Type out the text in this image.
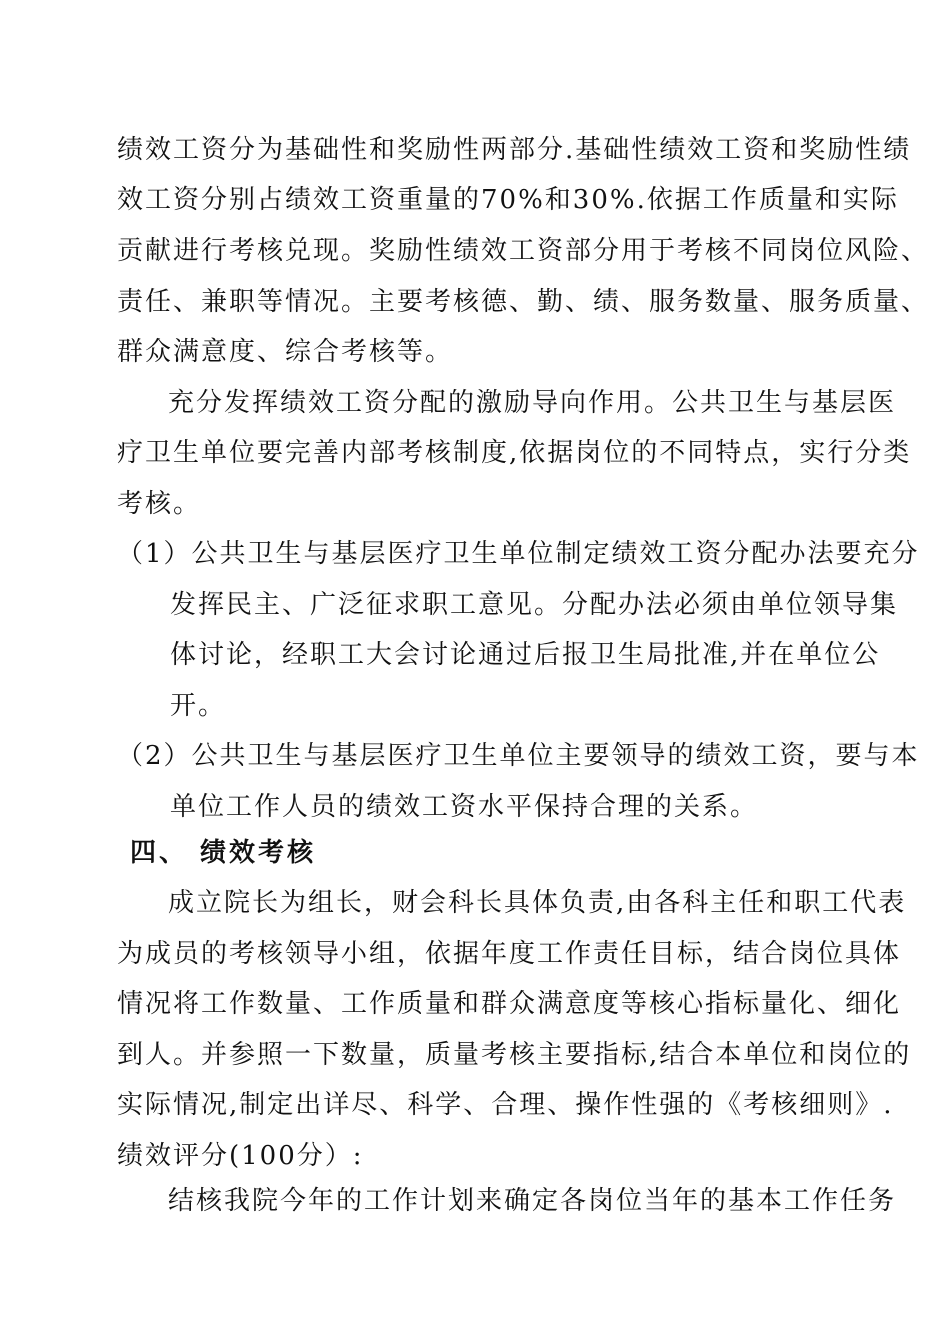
绩效工资分为基础性和奖励性两部分.基础性绩效工资和奖励性绩
效工资分别占绩效工资重量的70%和30%.依据工作质量和实际
贡献进行考核兑现。奖励性绩效工资部分用于考核不同岗位风险、
责任、兼职等情况。主要考核德、勤、绩、服务数量、服务质量、
群众满意度、综合考核等。
充分发挥绩效工资分配的激励导向作用。公共卫生与基层医
疗卫生单位要完善内部考核制度,依据岗位的不同特点，实行分类
考核。
（1）公共卫生与基层医疗卫生单位制定绩效工资分配办法要充分
发挥民主、广泛征求职工意见。分配办法必须由单位领导集
体讨论，经职工大会讨论通过后报卫生局批准,并在单位公
开。
（2）公共卫生与基层医疗卫生单位主要领导的绩效工资，要与本
单位工作人员的绩效工资水平保持合理的关系。
四、 绩效考核
成立院长为组长，财会科长具体负责,由各科主任和职工代表
为成员的考核领导小组，依据年度工作责任目标，结合岗位具体
情况将工作数量、工作质量和群众满意度等核心指标量化、细化
到人。并参照一下数量，质量考核主要指标,结合本单位和岗位的
实际情况,制定出详尽、科学、合理、操作性强的《考核细则》.
绩效评分(100分）:
结核我院今年的工作计划来确定各岗位当年的基本工作任务
